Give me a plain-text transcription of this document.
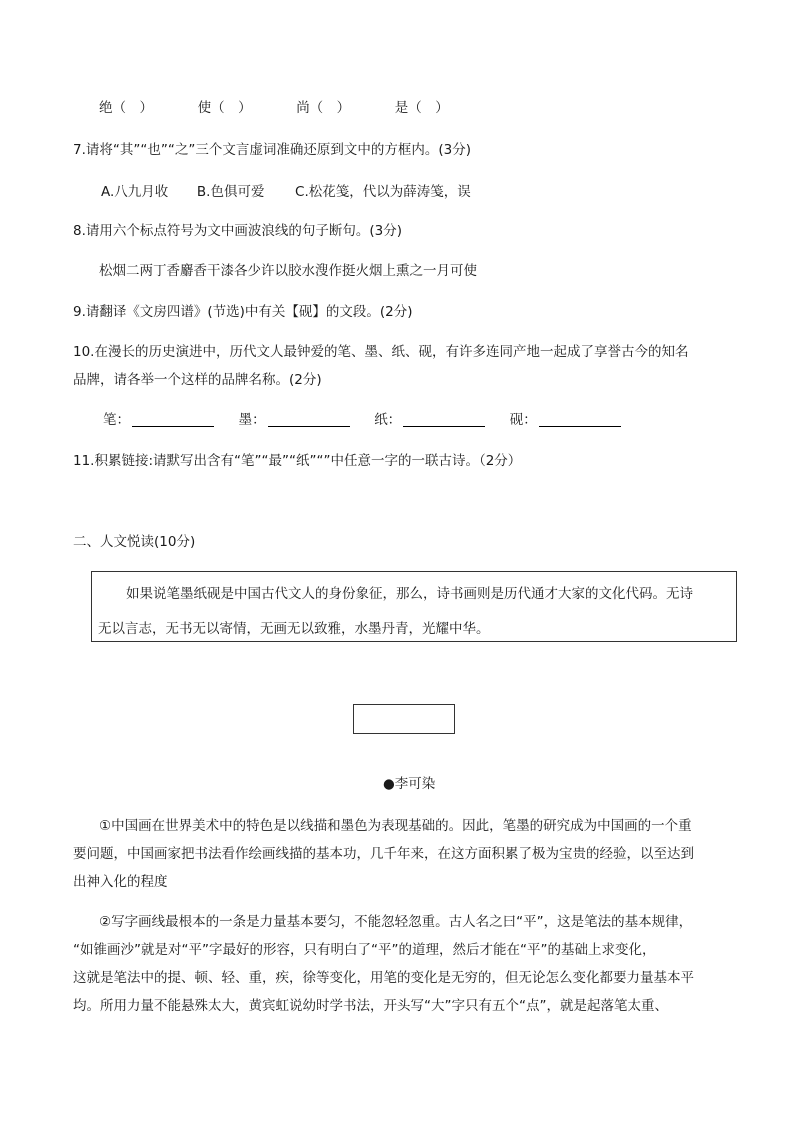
绝（　）	使（　）	尚（　）	是（　）
7.请将“其”“也”“之”三个文言虚词准确还原到文中的方框内。(3分)
A.八九月收 B.色俱可爱 C.松花笺，代以为薛涛笺，误
8.请用六个标点符号为文中画波浪线的句子断句。(3分)
松烟二两丁香麝香干漆各少许以胶水溲作挺火烟上熏之一月可使
9.请翻译《文房四谱》(节选)中有关【砚】的文段。(2分)
10.在漫长的历史演进中，历代文人最钟爱的笔、墨、纸、砚，有许多连同产地一起成了享誉古今的知名
品牌，请各举一个这样的品牌名称。(2分)
笔：	墨：	纸：	砚：
11.积累链接:请默写出含有“笔”“最”“纸”“”中任意一字的一联古诗。（2分）
二、人文悦读(10分)
如果说笔墨纸砚是中国古代文人的身份象征，那么，诗书画则是历代通才大家的文化代码。无诗
无以言志，无书无以寄情，无画无以致雅，水墨丹青，光耀中华。
●李可染
①中国画在世界美术中的特色是以线描和墨色为表现基础的。因此，笔墨的研究成为中国画的一个重
要问题，中国画家把书法看作绘画线描的基本功，几千年来，在这方面积累了极为宝贵的经验，以至达到
出神入化的程度
②写字画线最根本的一条是力量基本要匀，不能忽轻忽重。古人名之曰“平”，这是笔法的基本规律，
“如锥画沙”就是对“平”字最好的形容，只有明白了“平”的道理，然后才能在“平”的基础上求变化，
这就是笔法中的提、顿、轻、重，疾，徐等变化，用笔的变化是无穷的，但无论怎么变化都要力量基本平
均。所用力量不能悬殊太大，黄宾虹说幼时学书法，开头写“大”字只有五个“点”，就是起落笔太重、
